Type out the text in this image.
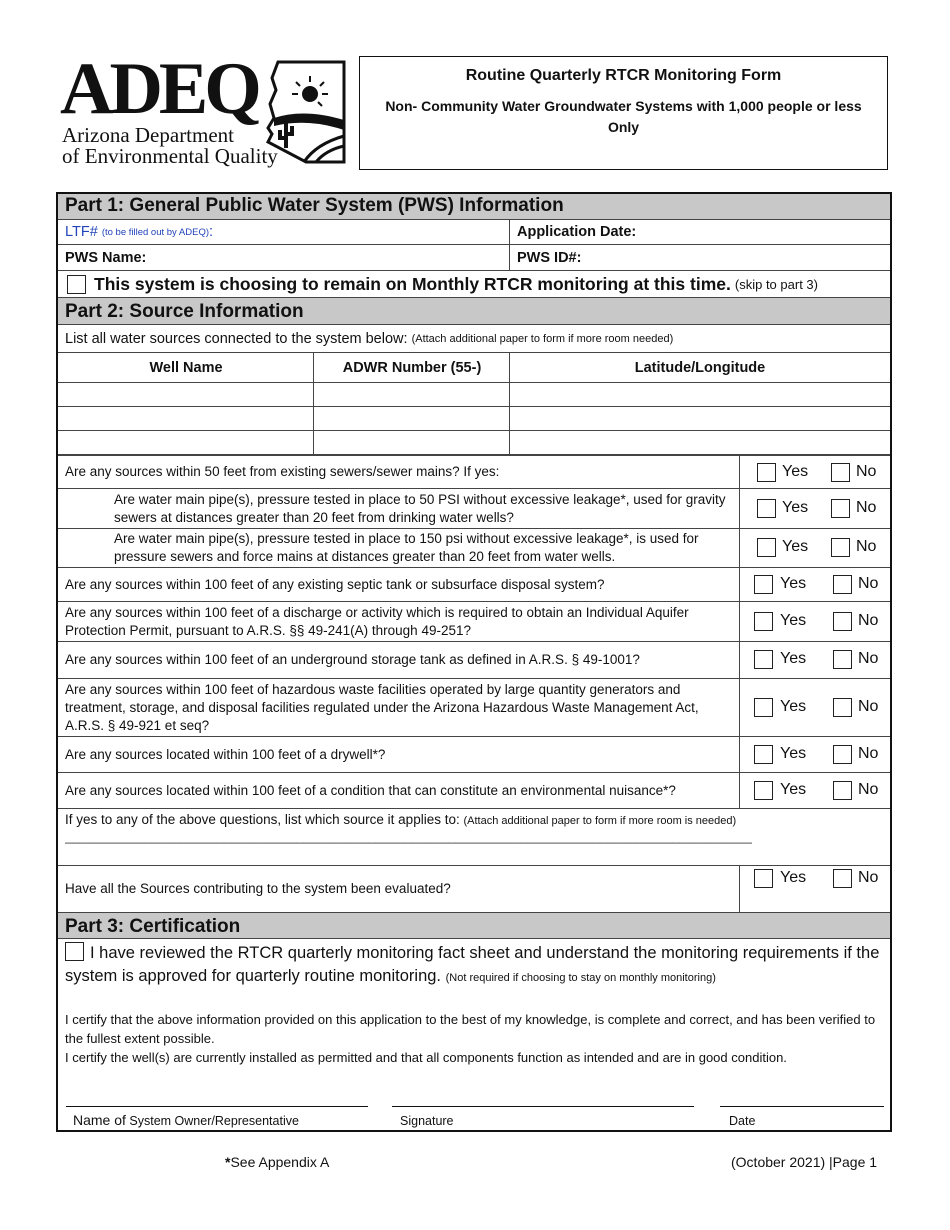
ADEQ
Arizona Department
of Environmental Quality
Routine Quarterly RTCR Monitoring Form
Non- Community Water Groundwater Systems with 1,000 people or less Only
Part 1: General Public Water System (PWS) Information
LTF#
(to be filled out by ADEQ) :	Application Date:
PWS Name:	PWS ID#:
This system is choosing to remain on Monthly RTCR monitoring at this time.
(skip to part 3)
Part 2: Source Information
List all water sources connected to the system below:
(Attach additional paper to form if more room needed)
Well Name	ADWR Number (55-)	Latitude/Longitude
Are any sources within 50 feet from existing sewers/sewer mains? If yes:	Yes	No
Are water main pipe(s), pressure tested in place to 50 PSI without excessive leakage*, used for gravity sewers at distances greater than 20 feet from drinking water wells?
Yes	No
Are water main pipe(s), pressure tested in place to 150 psi without excessive leakage*, is used for pressure sewers and force mains at distances greater than 20 feet from water wells.
Yes	No
Are any sources within 100 feet of any existing septic tank or subsurface disposal system?	Yes	No
Are any sources within 100 feet of a discharge or activity which is required to obtain an Individual Aquifer Protection Permit, pursuant to A.R.S. §§ 49-241(A) through 49-251?
Yes	No
Are any sources within 100 feet of an underground storage tank as defined in A.R.S. § 49-1001?	Yes	No
Are any sources within 100 feet of hazardous waste facilities operated by large quantity generators and treatment, storage, and disposal facilities regulated under the Arizona Hazardous Waste Management Act, A.R.S. § 49-921 et seq?
Yes	No
Are any sources located within 100 feet of a drywell*?	Yes	No
Are any sources located within 100 feet of a condition that can constitute an environmental nuisance*?	Yes	No
If yes to any of the above questions, list which source it applies to: (Attach additional paper to form if more room is needed)
_______________________________________________________________________________________________
Have all the Sources contributing to the system been evaluated?
Yes	No
Part 3: Certification
I have reviewed the RTCR quarterly monitoring fact sheet and understand the monitoring requirements if the system is approved for quarterly routine monitoring. (Not required if choosing to stay on monthly monitoring)
I certify that the above information provided on this application to the best of my knowledge, is complete and correct, and has been verified to the fullest extent possible.
I certify the well(s) are currently installed as permitted and that all components function as intended and are in good condition.
Name of System Owner/Representative	Signature	Date
*See Appendix A	(October 2021) |Page 1
